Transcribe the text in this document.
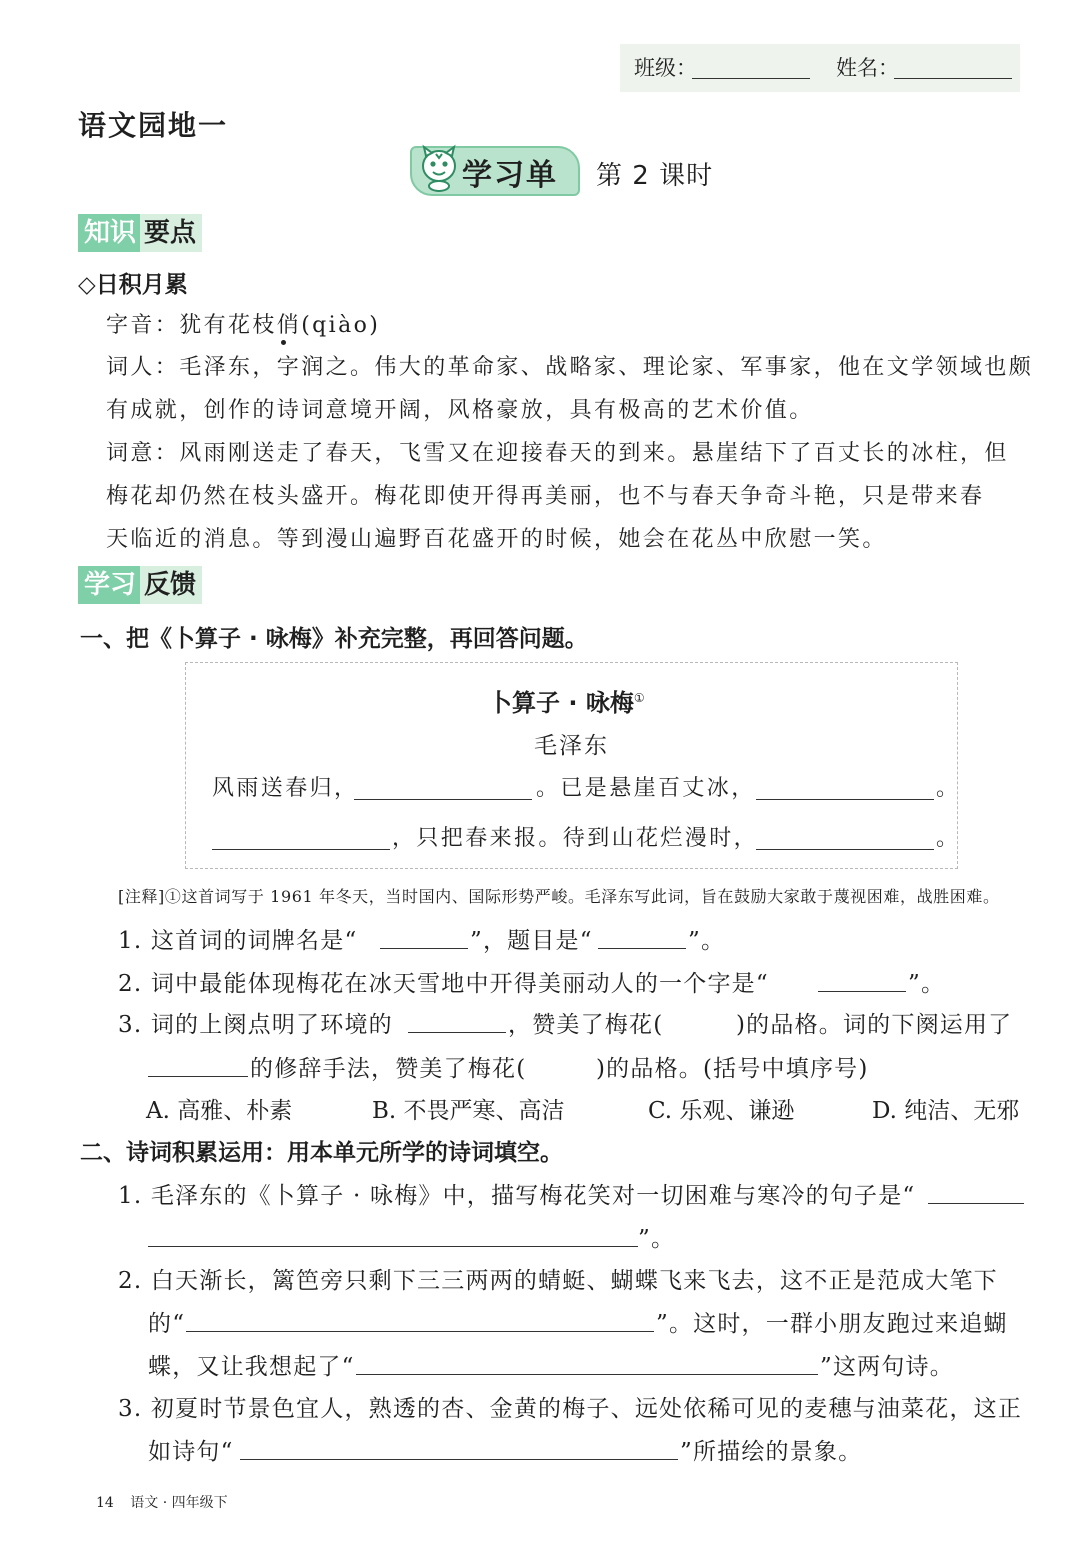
班级：	姓名：
语文园地一
学习单 第 2 课时
知识 要点
◇日积月累
字音：犹有花枝俏(qiào)
词人：毛泽东，字润之。伟大的革命家、战略家、理论家、军事家，他在文学领域也颇
有成就，创作的诗词意境开阔，风格豪放，具有极高的艺术价值。
词意：风雨刚送走了春天，飞雪又在迎接春天的到来。悬崖结下了百丈长的冰柱，但
梅花却仍然在枝头盛开。梅花即使开得再美丽，也不与春天争奇斗艳，只是带来春
天临近的消息。等到漫山遍野百花盛开的时候，她会在花丛中欣慰一笑。
学习 反馈
一、把《卜算子 · 咏梅》补充完整，再回答问题。
卜算子 · 咏梅①
毛泽东
风雨送春归，	。已是悬崖百丈冰，	。
，只把春来报。待到山花烂漫时，	。
[注释]①这首词写于 1961 年冬天，当时国内、国际形势严峻。毛泽东写此词，旨在鼓励大家敢于蔑视困难，战胜困难。
1. 这首词的词牌名是“	”，题目是“	”。
2. 词中最能体现梅花在冰天雪地中开得美丽动人的一个字是“	”。
3. 词的上阕点明了环境的	，赞美了梅花(	)的品格。词的下阕运用了
的修辞手法，赞美了梅花(	)的品格。(括号中填序号)
A. 高雅、朴素	B. 不畏严寒、高洁	C. 乐观、谦逊	D. 纯洁、无邪
二、诗词积累运用：用本单元所学的诗词填空。
1. 毛泽东的《卜算子 · 咏梅》中，描写梅花笑对一切困难与寒冷的句子是“
”。
2. 白天渐长，篱笆旁只剩下三三两两的蜻蜓、蝴蝶飞来飞去，这不正是范成大笔下
的“	”。这时，一群小朋友跑过来追蝴
蝶，又让我想起了“	”这两句诗。
3. 初夏时节景色宜人，熟透的杏、金黄的梅子、远处依稀可见的麦穗与油菜花，这正
如诗句“	”所描绘的景象。
14 语文 · 四年级下
